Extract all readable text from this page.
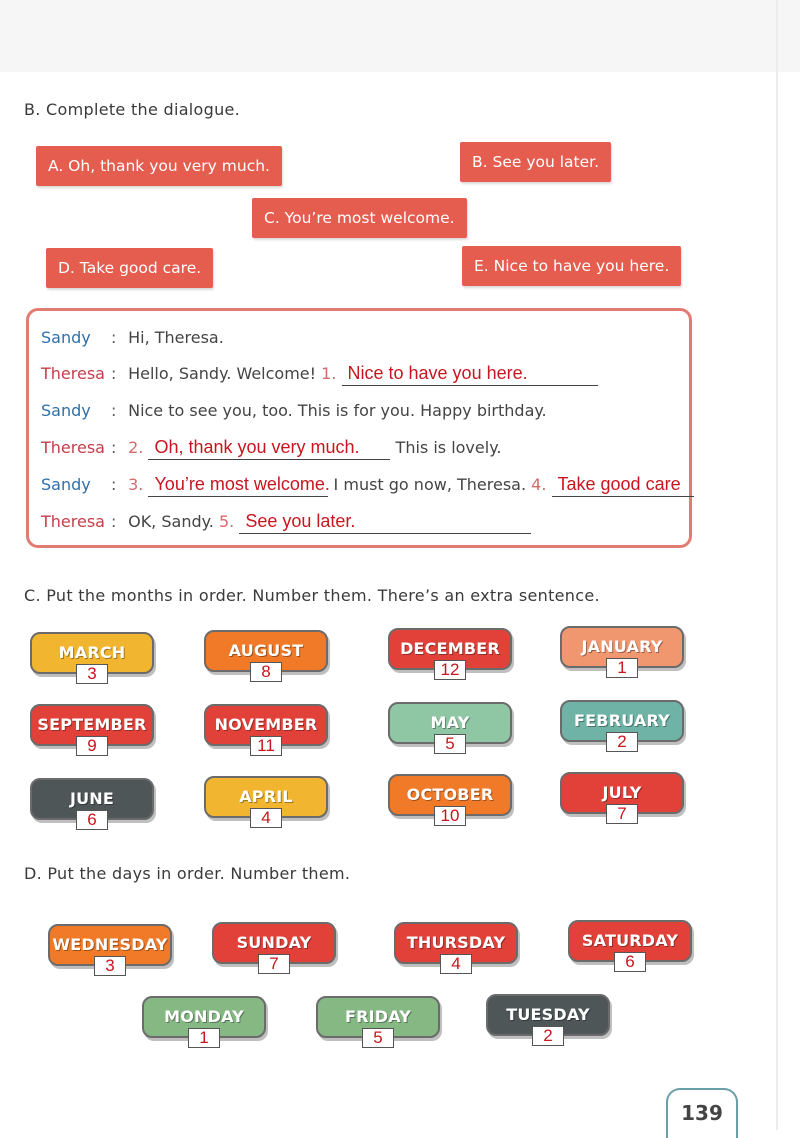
B. Complete the dialogue.
A. Oh, thank you very much.	B. See you later.
C. You’re most welcome.
D. Take good care.	E. Nice to have you here.
Sandy : Hi, Theresa.
Theresa : Hello, Sandy. Welcome! 1. Nice to have you here.
Sandy : Nice to see you, too. This is for you. Happy birthday.
Theresa : 2. Oh, thank you very much. This is lovely.
Sandy : 3. You’re most welcome. I must go now, Theresa. 4. Take good care
Theresa : OK, Sandy. 5. See you later.
C. Put the months in order. Number them. There’s an extra sentence.
MARCH
3
AUGUST
8
DECEMBER
12
JANUARY
1
SEPTEMBER
9
NOVEMBER
11
MAY
5
FEBRUARY
2
JUNE
6
APRIL
4
OCTOBER
10
JULY
7
D. Put the days in order. Number them.
WEDNESDAY
3
SUNDAY
7
THURSDAY
4
SATURDAY
6
MONDAY
1
FRIDAY
5
TUESDAY
2
139
